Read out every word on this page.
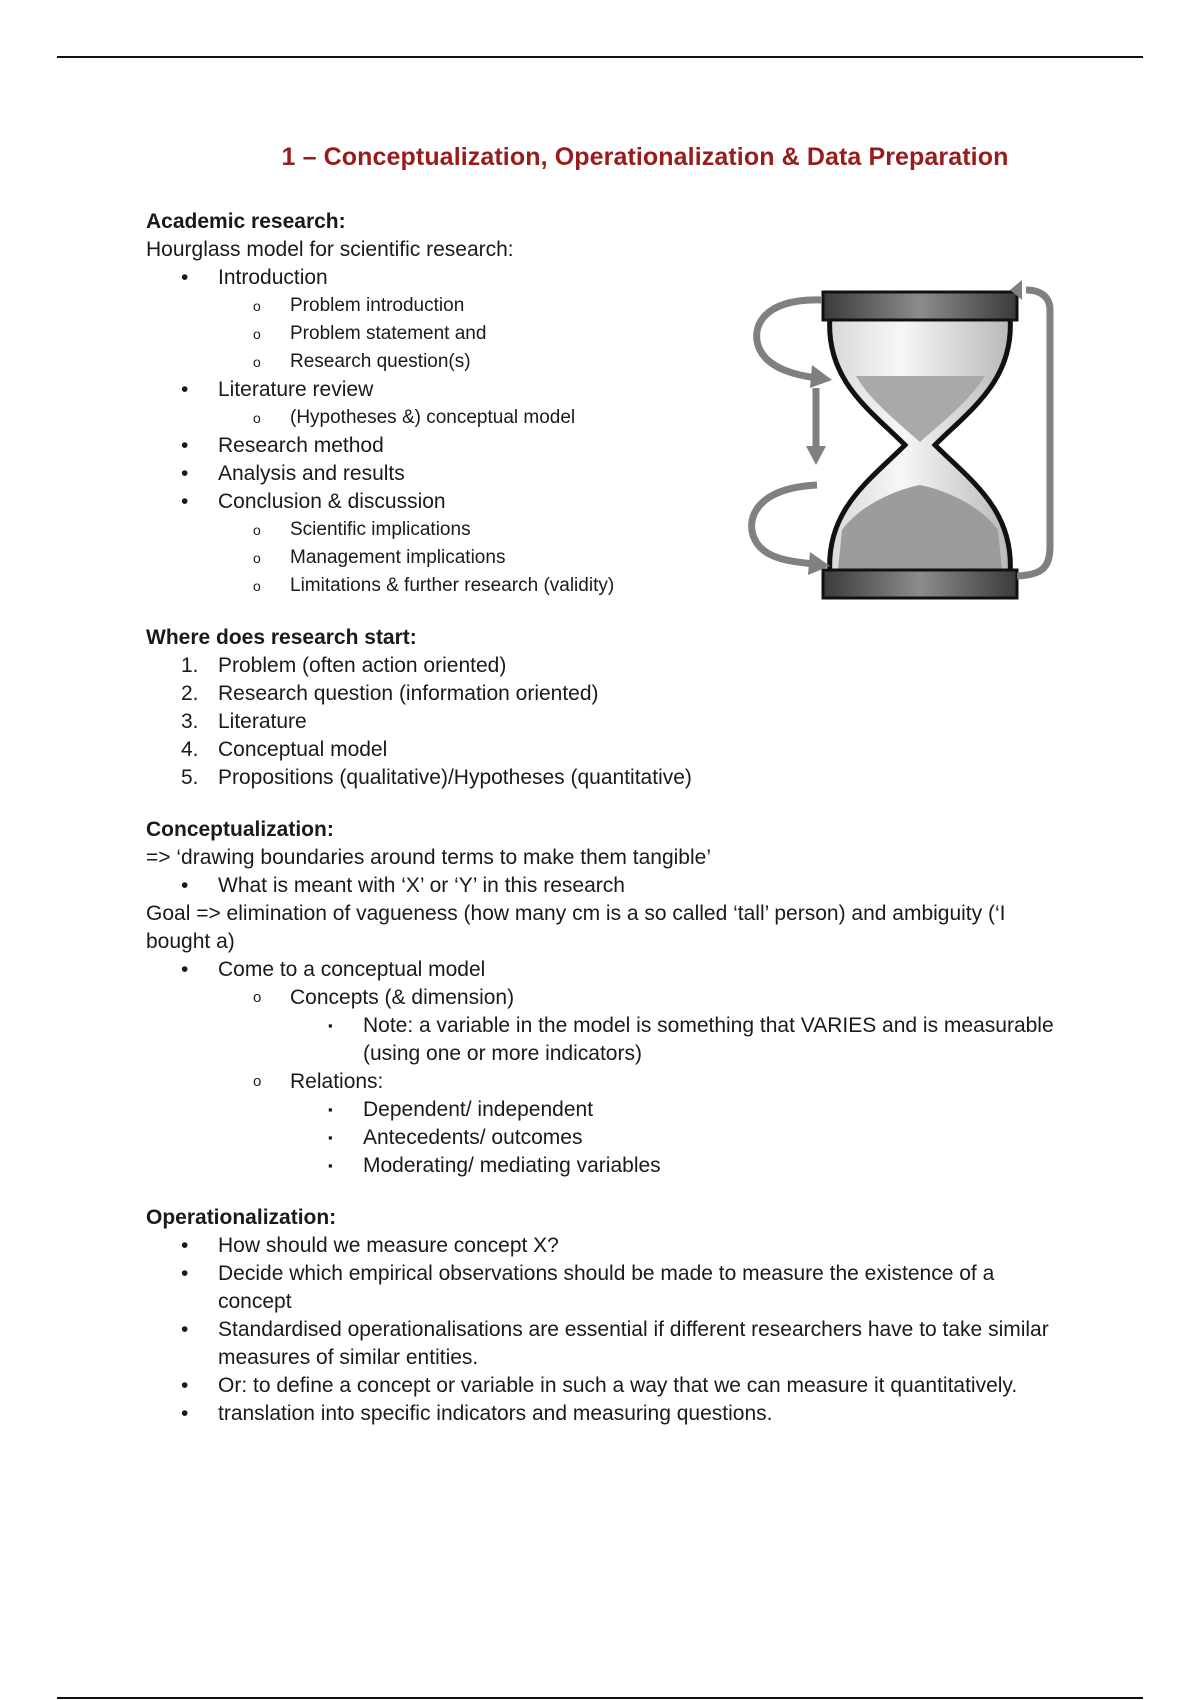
1 – Conceptualization, Operationalization & Data Preparation
Academic research:
Hourglass model for scientific research:
• Introduction
o Problem introduction
o Problem statement and
o Research question(s)
• Literature review
o (Hypotheses &) conceptual model
• Research method
• Analysis and results
• Conclusion & discussion
o Scientific implications
o Management implications
o Limitations & further research (validity)
Where does research start:
1. Problem (often action oriented)
2. Research question (information oriented)
3. Literature
4. Conceptual model
5. Propositions (qualitative)/Hypotheses (quantitative)
Conceptualization:
=> ‘drawing boundaries around terms to make them tangible’
• What is meant with ‘X’ or ‘Y’ in this research
Goal => elimination of vagueness (how many cm is a so called ‘tall’ person) and ambiguity (‘I bought a)
• Come to a conceptual model
o Concepts (& dimension)
▪ Note: a variable in the model is something that VARIES and is measurable (using one or more indicators)
o Relations:
▪ Dependent/ independent
▪ Antecedents/ outcomes
▪ Moderating/ mediating variables
Operationalization:
• How should we measure concept X?
• Decide which empirical observations should be made to measure the existence of a concept
• Standardised operationalisations are essential if different researchers have to take similar measures of similar entities.
• Or: to define a concept or variable in such a way that we can measure it quantitatively.
• translation into specific indicators and measuring questions.
